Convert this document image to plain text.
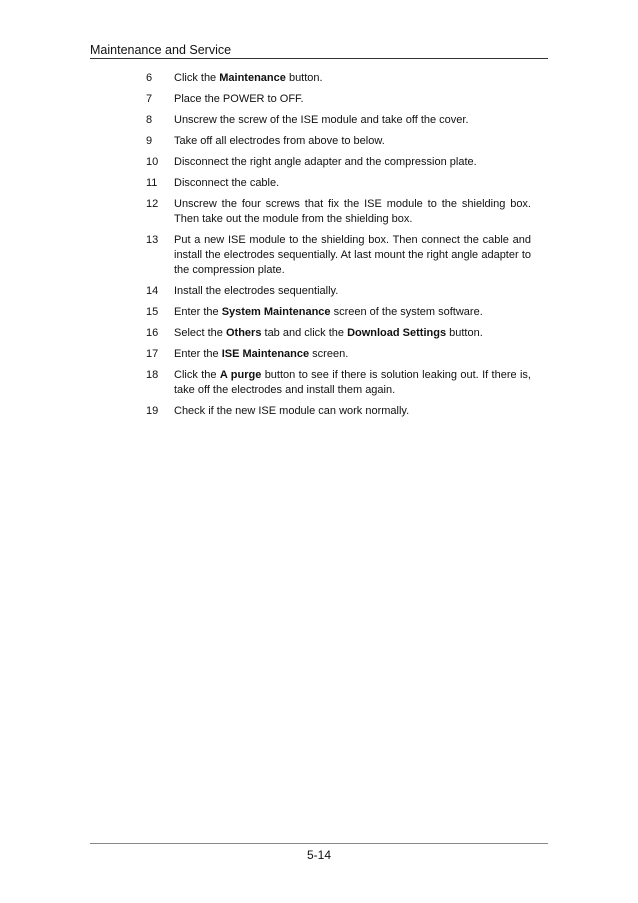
Maintenance and Service
6	Click the Maintenance button.
7	Place the POWER to OFF.
8	Unscrew the screw of the ISE module and take off the cover.
9	Take off all electrodes from above to below.
10	Disconnect the right angle adapter and the compression plate.
11	Disconnect the cable.
12	Unscrew the four screws that fix the ISE module to the shielding box. Then take out the module from the shielding box.
13	Put a new ISE module to the shielding box. Then connect the cable and install the electrodes sequentially. At last mount the right angle adapter to the compression plate.
14	Install the electrodes sequentially.
15	Enter the System Maintenance screen of the system software.
16	Select the Others tab and click the Download Settings button.
17	Enter the ISE Maintenance screen.
18	Click the A purge button to see if there is solution leaking out. If there is, take off the electrodes and install them again.
19	Check if the new ISE module can work normally.
5-14
